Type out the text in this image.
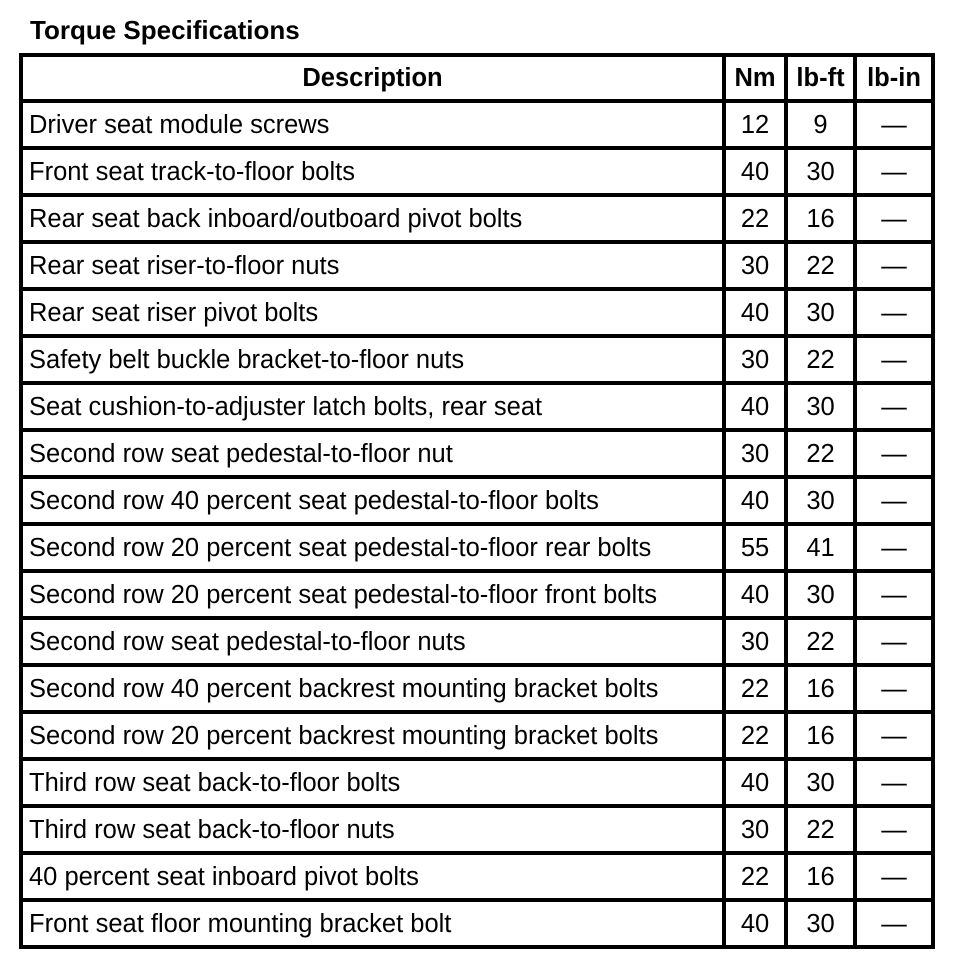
Torque Specifications
Description	Nm	lb-ft	lb-in
Driver seat module screws	12	9	—
Front seat track-to-floor bolts	40	30	—
Rear seat back inboard/outboard pivot bolts	22	16	—
Rear seat riser-to-floor nuts	30	22	—
Rear seat riser pivot bolts	40	30	—
Safety belt buckle bracket-to-floor nuts	30	22	—
Seat cushion-to-adjuster latch bolts, rear seat	40	30	—
Second row seat pedestal-to-floor nut	30	22	—
Second row 40 percent seat pedestal-to-floor bolts	40	30	—
Second row 20 percent seat pedestal-to-floor rear bolts	55	41	—
Second row 20 percent seat pedestal-to-floor front bolts	40	30	—
Second row seat pedestal-to-floor nuts	30	22	—
Second row 40 percent backrest mounting bracket bolts	22	16	—
Second row 20 percent backrest mounting bracket bolts	22	16	—
Third row seat back-to-floor bolts	40	30	—
Third row seat back-to-floor nuts	30	22	—
40 percent seat inboard pivot bolts	22	16	—
Front seat floor mounting bracket bolt	40	30	—
